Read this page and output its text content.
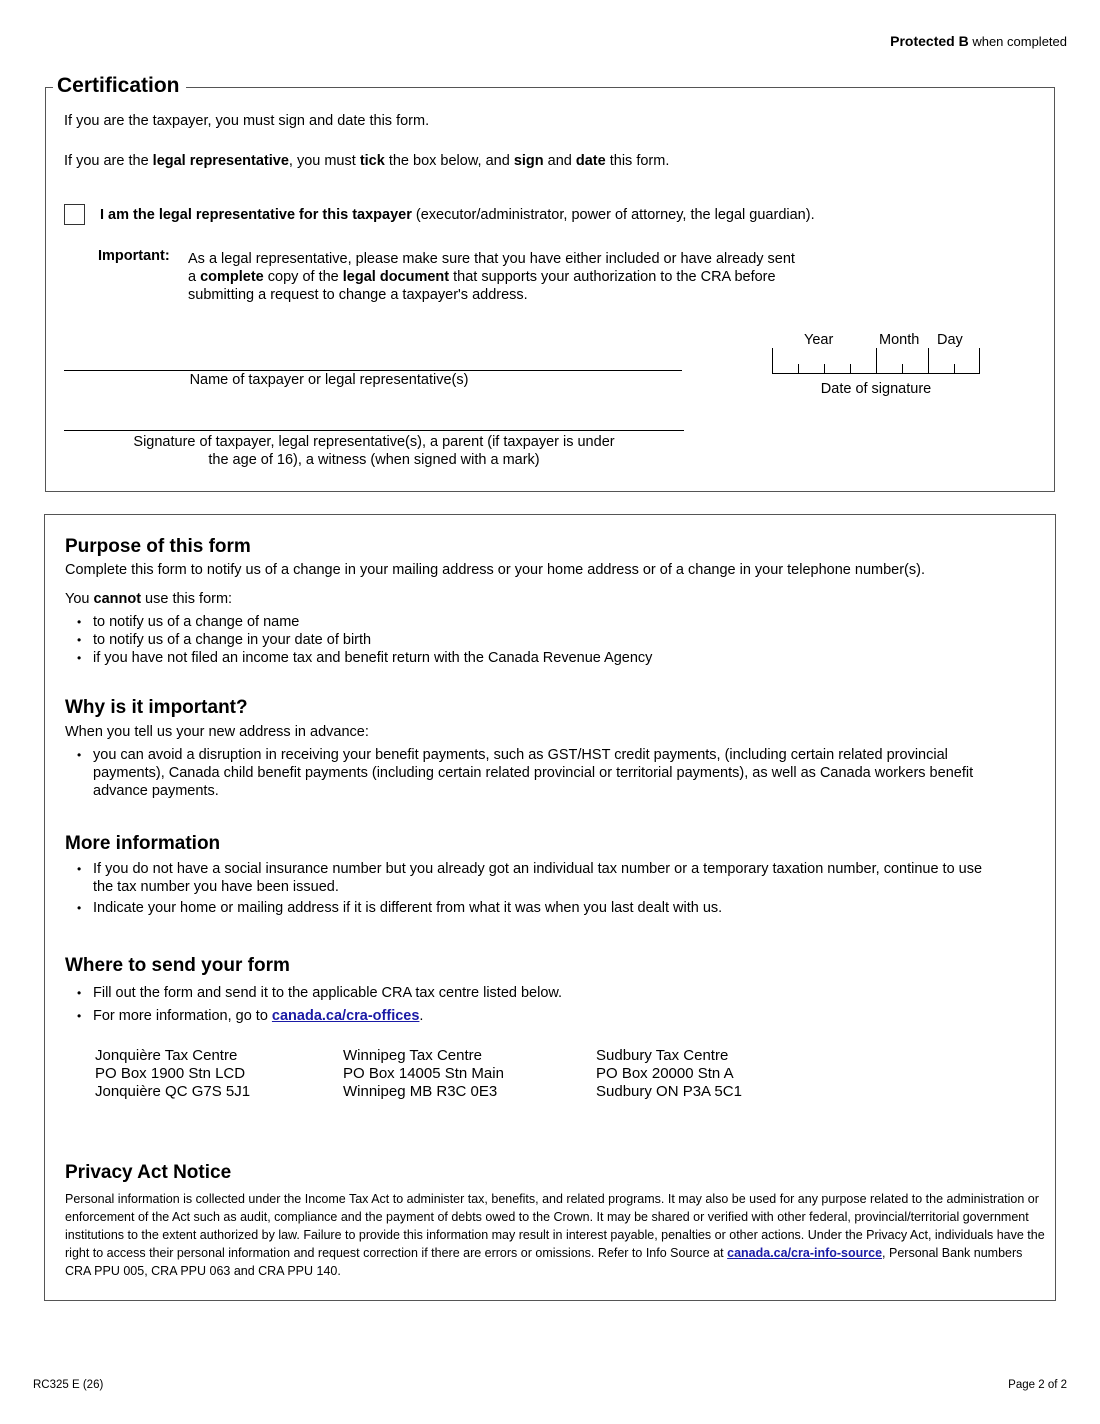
Protected B when completed
Certification
If you are the taxpayer, you must sign and date this form.
If you are the legal representative, you must tick the box below, and sign and date this form.
I am the legal representative for this taxpayer (executor/administrator, power of attorney, the legal guardian).
Important: As a legal representative, please make sure that you have either included or have already sent
a complete copy of the legal document that supports your authorization to the CRA before
submitting a request to change a taxpayer's address.
Name of taxpayer or legal representative(s)
Signature of taxpayer, legal representative(s), a parent (if taxpayer is under
the age of 16), a witness (when signed with a mark)
Year	Month Day
Date of signature
Purpose of this form
Complete this form to notify us of a change in your mailing address or your home address or of a change in your telephone number(s).
You cannot use this form:
• to notify us of a change of name
• to notify us of a change in your date of birth
• if you have not filed an income tax and benefit return with the Canada Revenue Agency
Why is it important?
When you tell us your new address in advance:
• you can avoid a disruption in receiving your benefit payments, such as GST/HST credit payments, (including certain related provincial payments), Canada child benefit payments (including certain related provincial or territorial payments), as well as Canada workers benefit advance payments.
More information
• If you do not have a social insurance number but you already got an individual tax number or a temporary taxation number, continue to use the tax number you have been issued.
• Indicate your home or mailing address if it is different from what it was when you last dealt with us.
Where to send your form
• Fill out the form and send it to the applicable CRA tax centre listed below.
• For more information, go to canada.ca/cra-offices.
Jonquière Tax Centre
PO Box 1900 Stn LCD
Jonquière QC G7S 5J1
Winnipeg Tax Centre
PO Box 14005 Stn Main
Winnipeg MB R3C 0E3
Sudbury Tax Centre
PO Box 20000 Stn A
Sudbury ON P3A 5C1
Privacy Act Notice
Personal information is collected under the Income Tax Act to administer tax, benefits, and related programs. It may also be used for any purpose related to the administration or enforcement of the Act such as audit, compliance and the payment of debts owed to the Crown. It may be shared or verified with other federal, provincial/territorial government institutions to the extent authorized by law. Failure to provide this information may result in interest payable, penalties or other actions. Under the Privacy Act, individuals have the right to access their personal information and request correction if there are errors or omissions. Refer to Info Source at canada.ca/cra-info-source, Personal Bank numbers CRA PPU 005, CRA PPU 063 and CRA PPU 140.
RC325 E (26)	Page 2 of 2
